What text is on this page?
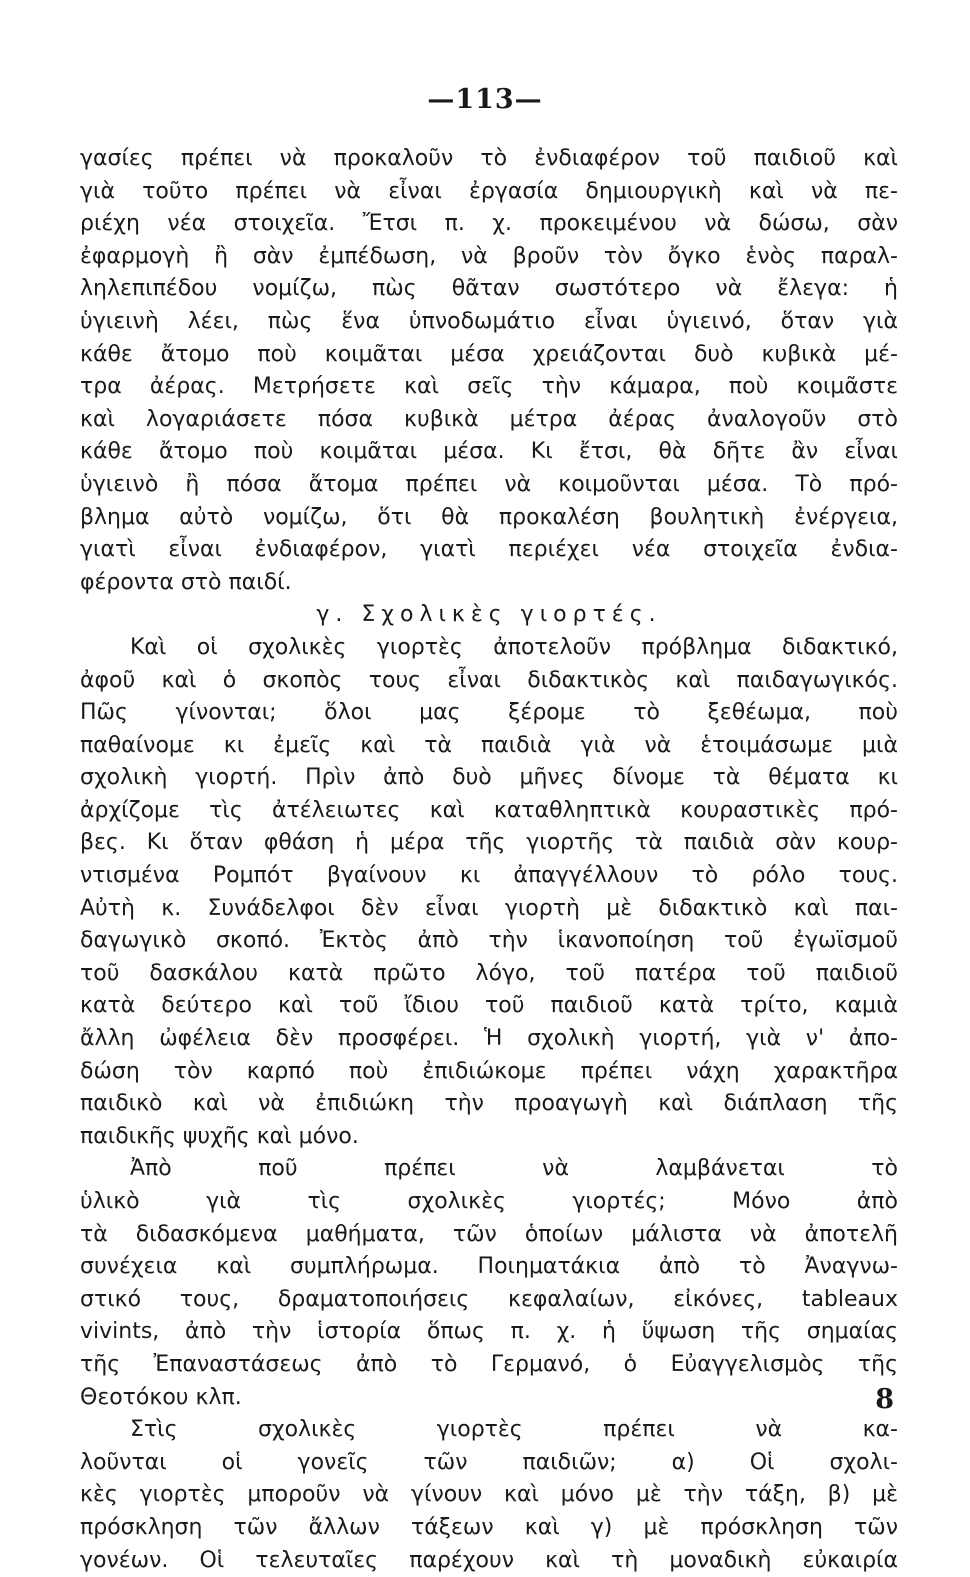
—113—
γασίες πρέπει νὰ προκαλοῦν τὸ ἐνδιαφέρον τοῦ παιδιοῦ καὶ
γιὰ τοῦτο πρέπει νὰ εἶναι ἐργασία δημιουργικὴ καὶ νὰ πε-
ριέχη νέα στοιχεῖα. Ἔτσι π. χ. προκειμένου νὰ δώσω, σὰν
ἐφαρμογὴ ἢ σὰν ἐμπέδωση, νὰ βροῦν τὸν ὄγκο ἑνὸς παραλ-
ληλεπιπέδου νομίζω, πὼς θᾶταν σωστότερο νὰ ἔλεγα: ἡ
ὑγιεινὴ λέει, πὼς ἕνα ὑπνοδωμάτιο εἶναι ὑγιεινό, ὅταν γιὰ
κάθε ἄτομο ποὺ κοιμᾶται μέσα χρειάζονται δυὸ κυβικὰ μέ-
τρα ἀέρας. Μετρήσετε καὶ σεῖς τὴν κάμαρα, ποὺ κοιμᾶστε
καὶ λογαριάσετε πόσα κυβικὰ μέτρα ἀέρας ἀναλογοῦν στὸ
κάθε ἄτομο ποὺ κοιμᾶται μέσα. Κι ἔτσι, θὰ δῆτε ἂν εἶναι
ὑγιεινὸ ἢ πόσα ἄτομα πρέπει νὰ κοιμοῦνται μέσα. Τὸ πρό-
βλημα αὐτὸ νομίζω, ὅτι θὰ προκαλέση βουλητικὴ ἐνέργεια,
γιατὶ εἶναι ἐνδιαφέρον, γιατὶ περιέχει νέα στοιχεῖα ἐνδια-
φέροντα στὸ παιδί.
γ. Σχολικὲς γιορτές.
Καὶ οἱ σχολικὲς γιορτὲς ἀποτελοῦν πρόβλημα διδακτικό,
ἀφοῦ καὶ ὁ σκοπὸς τους εἶναι διδακτικὸς καὶ παιδαγωγικός.
Πῶς γίνονται; ὅλοι μας ξέρομε τὸ ξεθέωμα, ποὺ
παθαίνομε κι ἐμεῖς καὶ τὰ παιδιὰ γιὰ νὰ ἑτοιμάσωμε μιὰ
σχολικὴ γιορτή. Πρὶν ἀπὸ δυὸ μῆνες δίνομε τὰ θέματα κι
ἀρχίζομε τὶς ἀτέλειωτες καὶ καταθληπτικὰ κουραστικὲς πρό-
βες. Κι ὅταν φθάση ἡ μέρα τῆς γιορτῆς τὰ παιδιὰ σὰν κουρ-
ντισμένα Ρομπότ βγαίνουν κι ἀπαγγέλλουν τὸ ρόλο τους.
Αὐτὴ κ. Συνάδελφοι δὲν εἶναι γιορτὴ μὲ διδακτικὸ καὶ παι-
δαγωγικὸ σκοπό. Ἐκτὸς ἀπὸ τὴν ἱκανοποίηση τοῦ ἐγωϊσμοῦ
τοῦ δασκάλου κατὰ πρῶτο λόγο, τοῦ πατέρα τοῦ παιδιοῦ
κατὰ δεύτερο καὶ τοῦ ἴδιου τοῦ παιδιοῦ κατὰ τρίτο, καμιὰ
ἄλλη ὠφέλεια δὲν προσφέρει. Ἡ σχολικὴ γιορτή, γιὰ ν' ἀπο-
δώση τὸν καρπό ποὺ ἐπιδιώκομε πρέπει νάχη χαρακτῆρα
παιδικὸ καὶ νὰ ἐπιδιώκη τὴν προαγωγὴ καὶ διάπλαση τῆς
παιδικῆς ψυχῆς καὶ μόνο.
Ἀπὸ ποῦ πρέπει νὰ λαμβάνεται τὸ
ὑλικὸ γιὰ τὶς σχολικὲς γιορτές; Μόνο ἀπὸ
τὰ διδασκόμενα μαθήματα, τῶν ὁποίων μάλιστα νὰ ἀποτελῆ
συνέχεια καὶ συμπλήρωμα. Ποιηματάκια ἀπὸ τὸ Ἀναγνω-
στικό τους, δραματοποιήσεις κεφαλαίων, εἰκόνες, tableaux
vivints, ἀπὸ τὴν ἱστορία ὅπως π. χ. ἡ ὕψωση τῆς σημαίας
τῆς Ἐπαναστάσεως ἀπὸ τὸ Γερμανό, ὁ Εὐαγγελισμὸς τῆς
Θεοτόκου κλπ.
Στὶς σχολικὲς γιορτὲς πρέπει νὰ κα-
λοῦνται οἱ γονεῖς τῶν παιδιῶν; α) Οἱ σχολι-
κὲς γιορτὲς μποροῦν νὰ γίνουν καὶ μόνο μὲ τὴν τάξη, β) μὲ
πρόσκληση τῶν ἄλλων τάξεων καὶ γ) μὲ πρόσκληση τῶν
γονέων. Οἱ τελευταῖες παρέχουν καὶ τὴ μοναδικὴ εὐκαιρία
8
